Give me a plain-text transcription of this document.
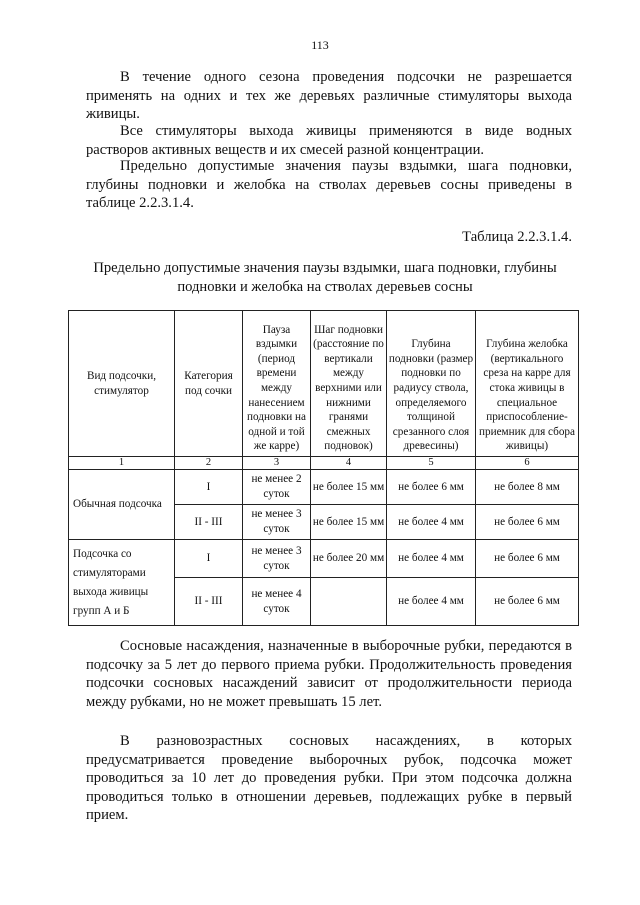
113
В течение одного сезона проведения подсочки не разрешается применять на одних и тех же деревьях различные стимуляторы выхода живицы.
Все стимуляторы выхода живицы применяются в виде водных растворов активных веществ и их смесей разной концентрации.
Предельно допустимые значения паузы вздымки, шага подновки, глубины подновки и желобка на стволах деревьев сосны приведены в таблице 2.2.3.1.4.
Таблица 2.2.3.1.4.
Предельно допустимые значения паузы вздымки, шага подновки, глубины подновки и желобка на стволах деревьев сосны
Вид подсочки, стимулятор	Категория под сочки	Пауза вздымки (период времени между нанесением подновки на одной и той же карре)	Шаг подновки (расстояние по вертикали между верхними или нижними гранями смежных подновок)	Глубина подновки (размер подновки по радиусу ствола, определяемого толщиной срезанного слоя древесины)	Глубина желобка (вертикального среза на карре для стока живицы в специальное приспособление-приемник для сбора живицы)
1	2	3	4	5	6
Обычная подсочка	I	не менее 2 суток	не более 15 мм	не более 6 мм	не более 8 мм
	II - III	не менее 3 суток	не более 15 мм	не более 4 мм	не более 6 мм
Подсочка со стимуляторами выхода живицы групп А и Б	I	не менее 3 суток	не более 20 мм	не более 4 мм	не более 6 мм
	II - III	не менее 4 суток		не более 4 мм	не более 6 мм
Сосновые насаждения, назначенные в выборочные рубки, передаются в подсочку за 5 лет до первого приема рубки. Продолжительность проведения подсочки сосновых насаждений зависит от продолжительности периода между рубками, но не может превышать 15 лет.
В разновозрастных сосновых насаждениях, в которых предусматривается проведение выборочных рубок, подсочка может проводиться за 10 лет до проведения рубки. При этом подсочка должна проводиться только в отношении деревьев, подлежащих рубке в первый прием.
